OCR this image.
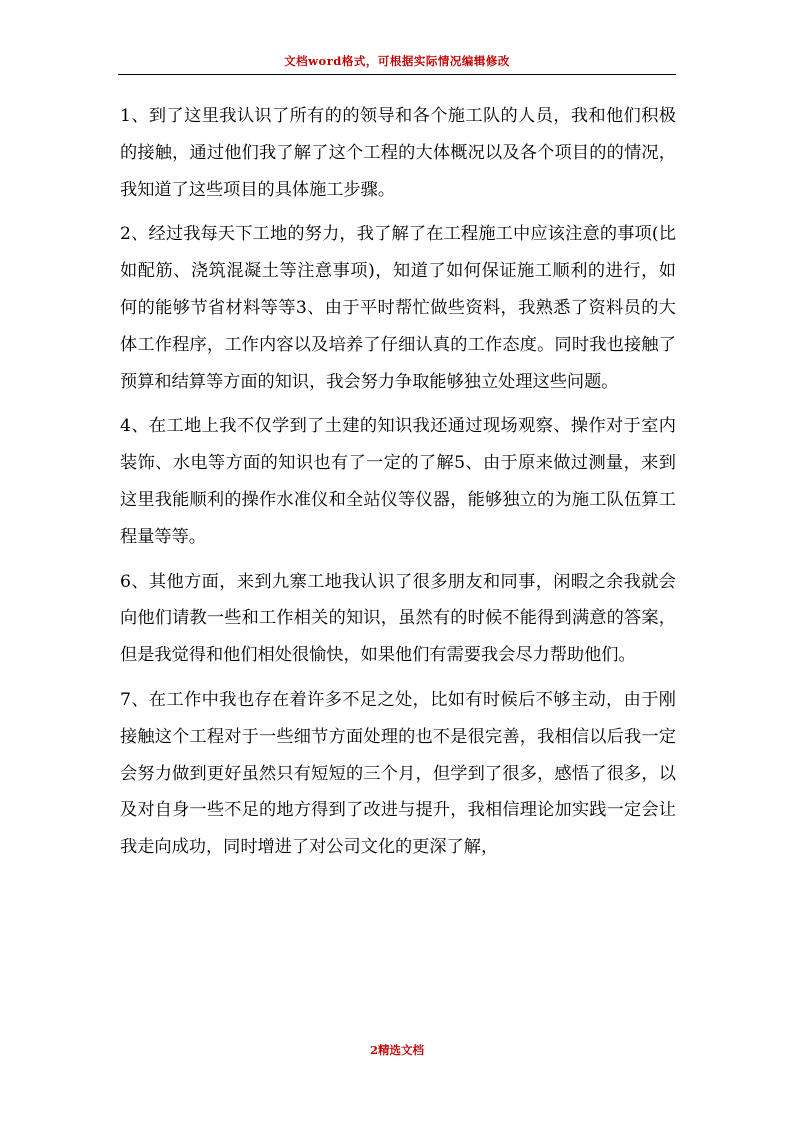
文档word格式，可根据实际情况编辑修改

1、到了这里我认识了所有的的领导和各个施工队的人员，我和他们积极的接触，通过他们我了解了这个工程的大体概况以及各个项目的的情况，我知道了这些项目的具体施工步骤。

2、经过我每天下工地的努力，我了解了在工程施工中应该注意的事项(比如配筋、浇筑混凝土等注意事项)，知道了如何保证施工顺利的进行，如何的能够节省材料等等3、由于平时帮忙做些资料，我熟悉了资料员的大体工作程序，工作内容以及培养了仔细认真的工作态度。同时我也接触了预算和结算等方面的知识，我会努力争取能够独立处理这些问题。

4、在工地上我不仅学到了土建的知识我还通过现场观察、操作对于室内装饰、水电等方面的知识也有了一定的了解5、由于原来做过测量，来到这里我能顺利的操作水准仪和全站仪等仪器，能够独立的为施工队伍算工程量等等。

6、其他方面，来到九寨工地我认识了很多朋友和同事，闲暇之余我就会向他们请教一些和工作相关的知识，虽然有的时候不能得到满意的答案，但是我觉得和他们相处很愉快，如果他们有需要我会尽力帮助他们。

7、在工作中我也存在着许多不足之处，比如有时候后不够主动，由于刚接触这个工程对于一些细节方面处理的也不是很完善，我相信以后我一定会努力做到更好虽然只有短短的三个月，但学到了很多，感悟了很多，以及对自身一些不足的地方得到了改进与提升，我相信理论加实践一定会让我走向成功，同时增进了对公司文化的更深了解，

2精选文档
